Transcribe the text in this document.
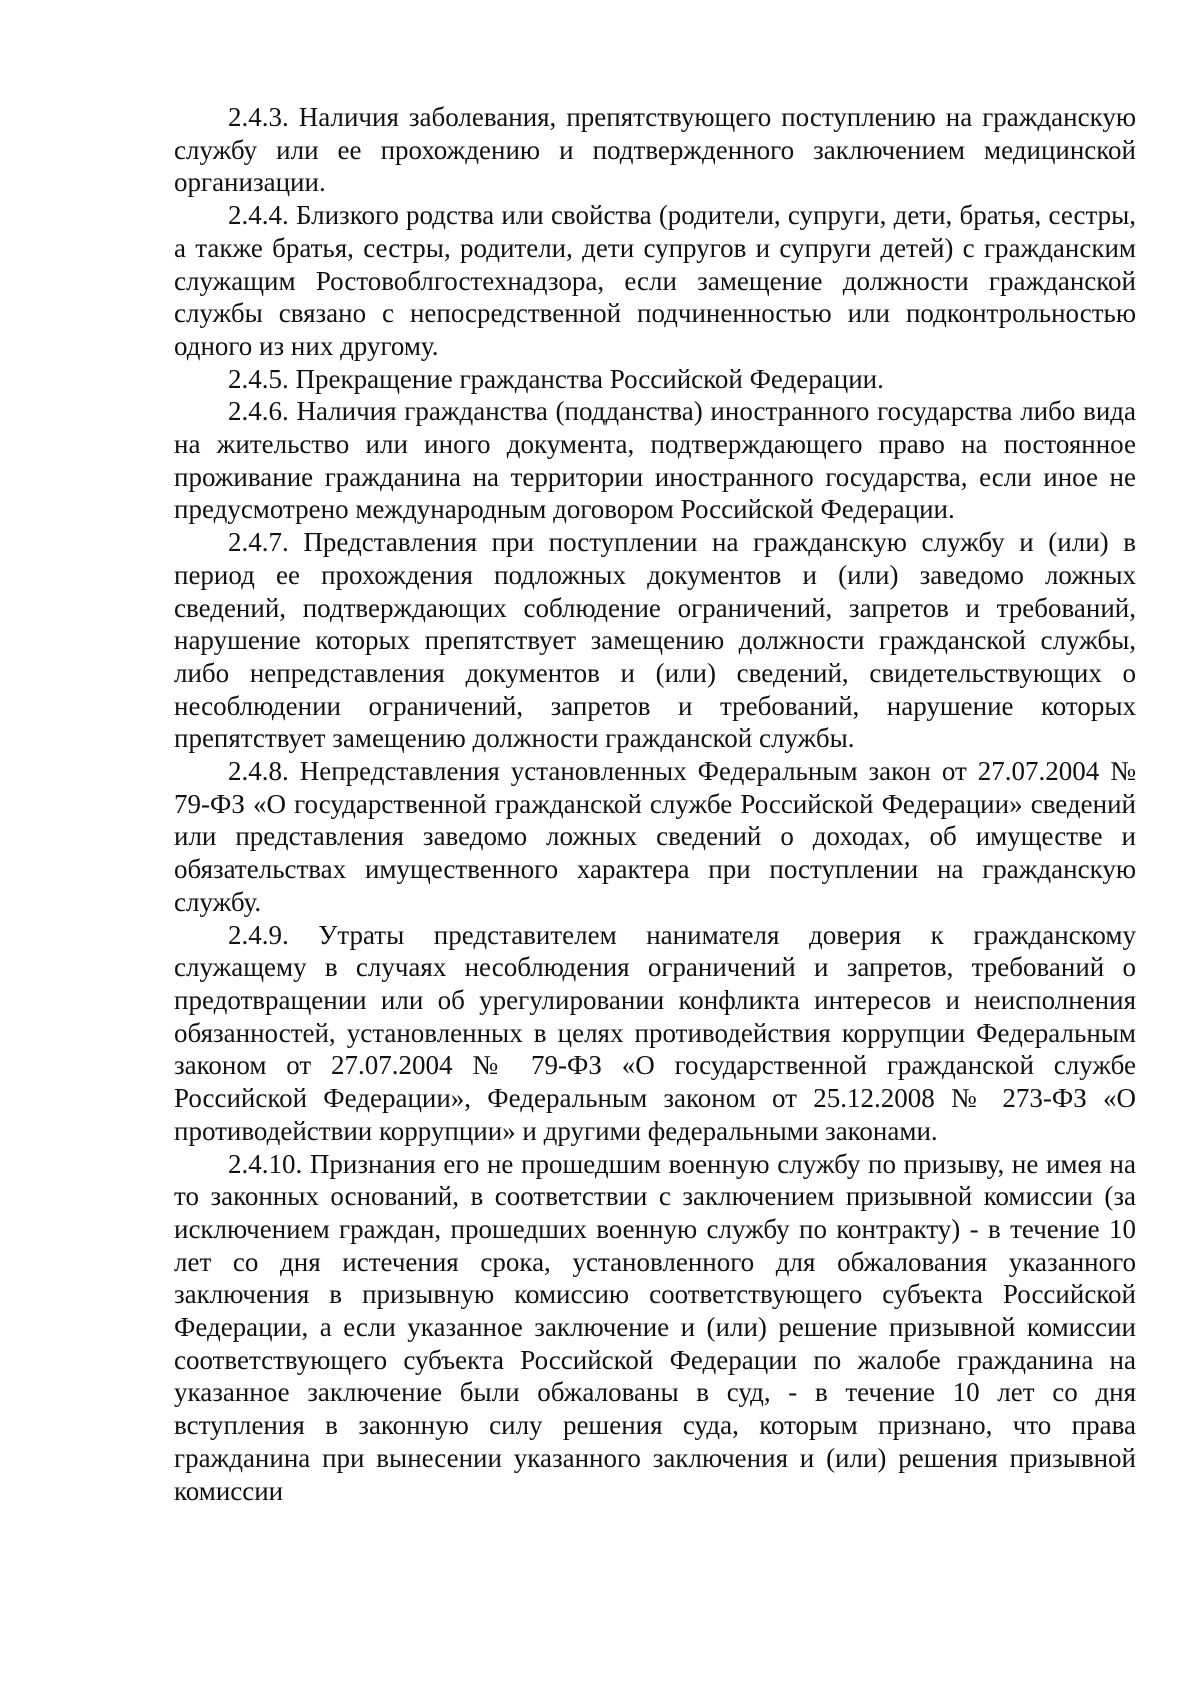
2.4.3. Наличия заболевания, препятствующего поступлению на гражданскую службу или ее прохождению и подтвержденного заключением медицинской организации.

2.4.4. Близкого родства или свойства (родители, супруги, дети, братья, сестры, а также братья, сестры, родители, дети супругов и супруги детей) с гражданским служащим Ростовоблгостехнадзора, если замещение должности гражданской службы связано с непосредственной подчиненностью или подконтрольностью одного из них другому.

2.4.5. Прекращение гражданства Российской Федерации.

2.4.6. Наличия гражданства (подданства) иностранного государства либо вида на жительство или иного документа, подтверждающего право на постоянное проживание гражданина на территории иностранного государства, если иное не предусмотрено международным договором Российской Федерации.

2.4.7. Представления при поступлении на гражданскую службу и (или) в период ее прохождения подложных документов и (или) заведомо ложных сведений, подтверждающих соблюдение ограничений, запретов и требований, нарушение которых препятствует замещению должности гражданской службы, либо непредставления документов и (или) сведений, свидетельствующих о несоблюдении ограничений, запретов и требований, нарушение которых препятствует замещению должности гражданской службы.

2.4.8. Непредставления установленных Федеральным закон от 27.07.2004 № 79-ФЗ «О государственной гражданской службе Российской Федерации» сведений или представления заведомо ложных сведений о доходах, об имуществе и обязательствах имущественного характера при поступлении на гражданскую службу.

2.4.9. Утраты представителем нанимателя доверия к гражданскому служащему в случаях несоблюдения ограничений и запретов, требований о предотвращении или об урегулировании конфликта интересов и неисполнения обязанностей, установленных в целях противодействия коррупции Федеральным законом от 27.07.2004 № 79-ФЗ «О государственной гражданской службе Российской Федерации», Федеральным законом от 25.12.2008 № 273-ФЗ «О противодействии коррупции» и другими федеральными законами.

2.4.10. Признания его не прошедшим военную службу по призыву, не имея на то законных оснований, в соответствии с заключением призывной комиссии (за исключением граждан, прошедших военную службу по контракту) - в течение 10 лет со дня истечения срока, установленного для обжалования указанного заключения в призывную комиссию соответствующего субъекта Российской Федерации, а если указанное заключение и (или) решение призывной комиссии соответствующего субъекта Российской Федерации по жалобе гражданина на указанное заключение были обжалованы в суд, - в течение 10 лет со дня вступления в законную силу решения суда, которым признано, что права гражданина при вынесении указанного заключения и (или) решения призывной комиссии
